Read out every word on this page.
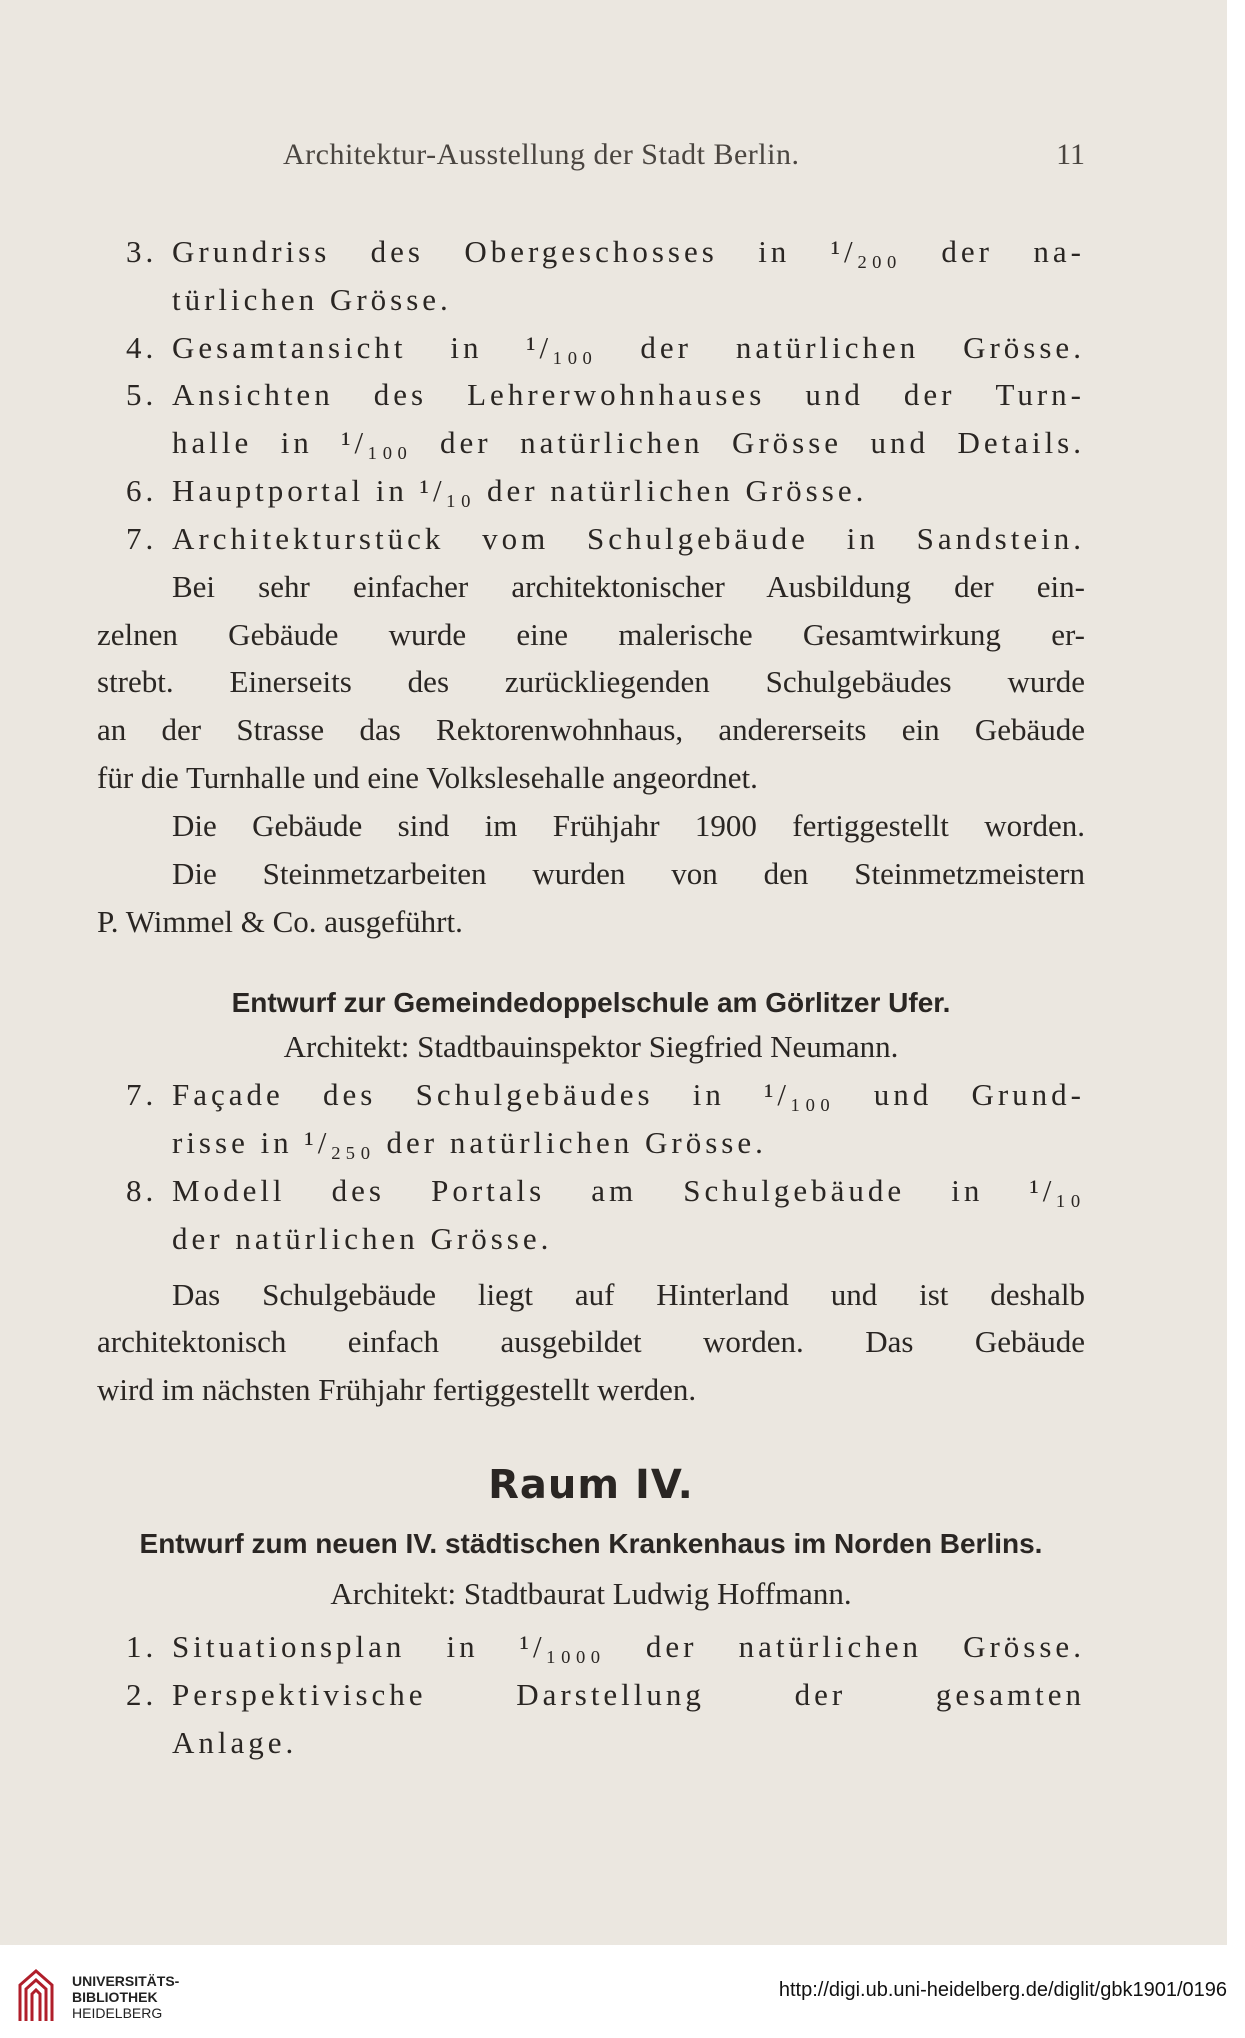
Architektur-Ausstellung der Stadt Berlin.	11
3. Grundriss des Obergeschosses in ¹/₂₀₀ der na-
türlichen Grösse.
4. Gesamtansicht in ¹/₁₀₀ der natürlichen Grösse.
5. Ansichten des Lehrerwohnhauses und der Turn-
halle in ¹/₁₀₀ der natürlichen Grösse und Details.
6. Hauptportal in ¹/₁₀ der natürlichen Grösse.
7. Architekturstück vom Schulgebäude in Sandstein.
Bei sehr einfacher architektonischer Ausbildung der ein-
zelnen Gebäude wurde eine malerische Gesamtwirkung er-
strebt. Einerseits des zurückliegenden Schulgebäudes wurde
an der Strasse das Rektorenwohnhaus, andererseits ein Gebäude
für die Turnhalle und eine Volkslesehalle angeordnet.
Die Gebäude sind im Frühjahr 1900 fertiggestellt worden.
Die Steinmetzarbeiten wurden von den Steinmetzmeistern
P. Wimmel & Co. ausgeführt.
Entwurf zur Gemeindedoppelschule am Görlitzer Ufer.
Architekt: Stadtbauinspektor Siegfried Neumann.
7. Façade des Schulgebäudes in ¹/₁₀₀ und Grund-
risse in ¹/₂₅₀ der natürlichen Grösse.
8. Modell des Portals am Schulgebäude in ¹/₁₀
der natürlichen Grösse.
Das Schulgebäude liegt auf Hinterland und ist deshalb
architektonisch einfach ausgebildet worden. Das Gebäude
wird im nächsten Frühjahr fertiggestellt werden.
Raum IV.
Entwurf zum neuen IV. städtischen Krankenhaus im Norden Berlins.
Architekt: Stadtbaurat Ludwig Hoffmann.
1. Situationsplan in ¹/₁₀₀₀ der natürlichen Grösse.
2. Perspektivische	Darstellung	der	gesamten
Anlage.
UNIVERSITÄTS-
BIBLIOTHEK
HEIDELBERG
http://digi.ub.uni-heidelberg.de/diglit/gbk1901/0196
